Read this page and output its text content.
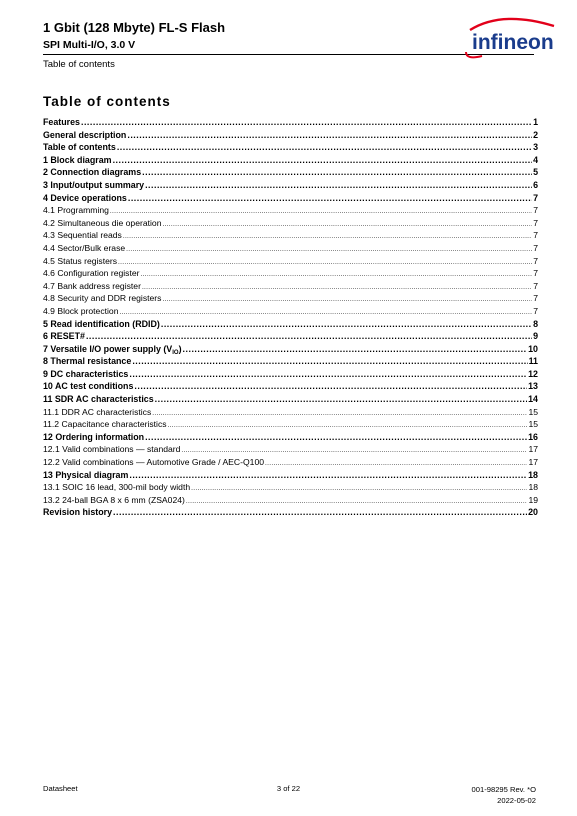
1 Gbit (128 Mbyte) FL-S Flash
SPI Multi-I/O, 3.0 V
Table of contents
infineon
Table of contents
Features .....	1
General description .....	2
Table of contents .....	3
1 Block diagram .....	4
2 Connection diagrams .....	5
3 Input/output summary .....	6
4 Device operations .....	7
4.1 Programming .....	7
4.2 Simultaneous die operation .....	7
4.3 Sequential reads .....	7
4.4 Sector/Bulk erase .....	7
4.5 Status registers .....	7
4.6 Configuration register .....	7
4.7 Bank address register .....	7
4.8 Security and DDR registers .....	7
4.9 Block protection .....	7
5 Read identification (RDID) .....	8
6 RESET# .....	9
7 Versatile I/O power supply $(V_{IO})$ .....	10
8 Thermal resistance .....	11
9 DC characteristics .....	12
10 AC test conditions .....	13
11 SDR AC characteristics .....	14
11.1 DDR AC characteristics .....	15
11.2 Capacitance characteristics .....	15
12 Ordering information .....	16
12.1 Valid combinations — standard .....	17
12.2 Valid combinations — Automotive Grade / AEC-Q100 .....	17
13 Physical diagram .....	18
13.1 SOIC 16 lead, 300-mil body width .....	18
13.2 24-ball BGA 8 x 6 mm (ZSA024) .....	19
Revision history .....	20
Datasheet	3 of 22	001-98295 Rev. *O
2022-05-02
